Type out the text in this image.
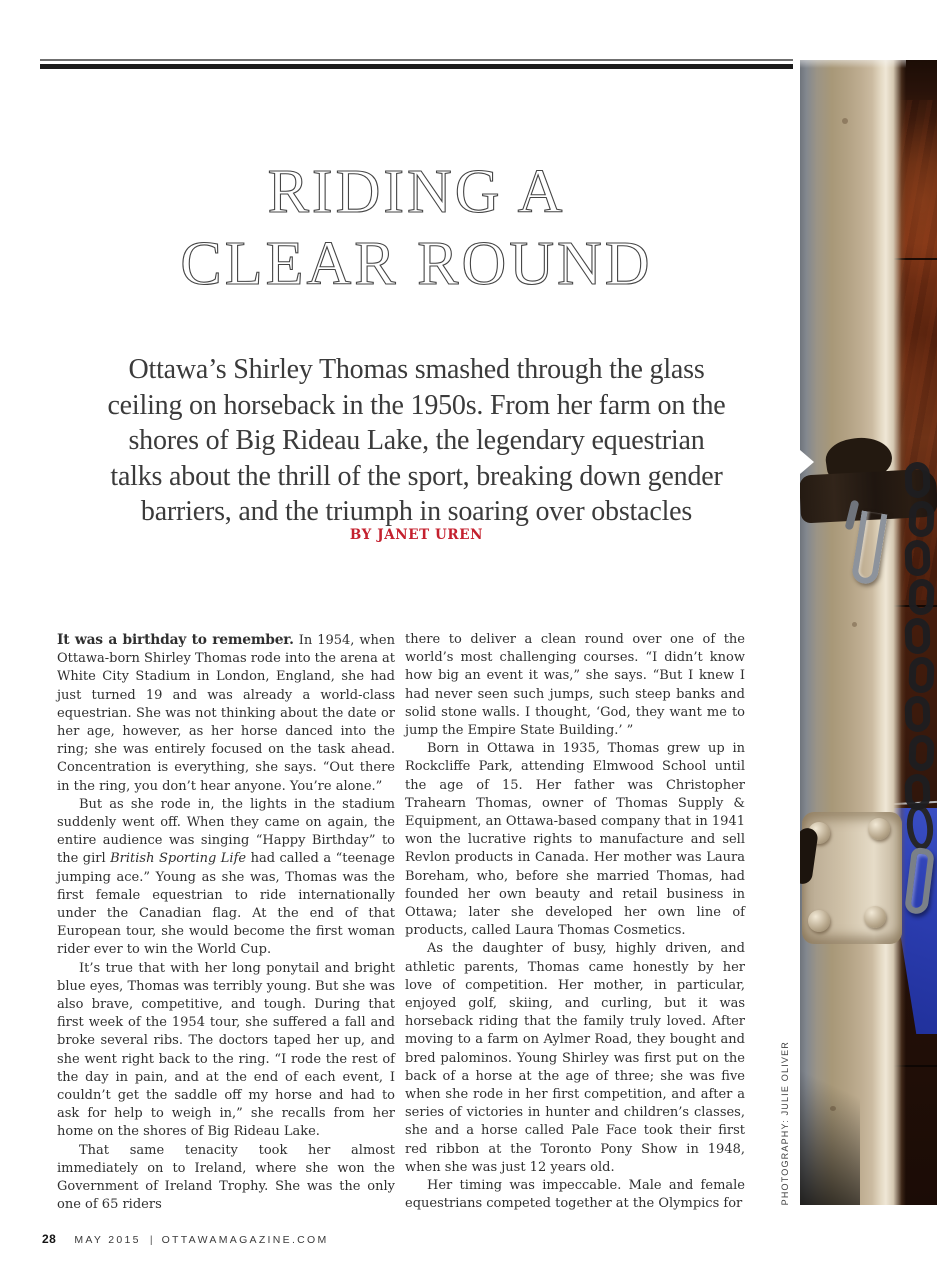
RIDING A
CLEAR ROUND
Ottawa’s Shirley Thomas smashed through the glass
ceiling on horseback in the 1950s. From her farm on the
shores of Big Rideau Lake, the legendary equestrian
talks about the thrill of the sport, breaking down gender
barriers, and the triumph in soaring over obstacles
BY JANET UREN

It was a birthday to remember. In 1954, when Ottawa-born Shirley Thomas rode into the arena at White City Stadium in London, England, she had just turned 19 and was already a world-class equestrian. She was not thinking about the date or her age, however, as her horse danced into the ring; she was entirely focused on the task ahead. Concentration is everything, she says. “Out there in the ring, you don’t hear anyone. You’re alone.”

But as she rode in, the lights in the stadium suddenly went off. When they came on again, the entire audience was singing “Happy Birthday” to the girl British Sporting Life had called a “teenage jumping ace.” Young as she was, Thomas was the first female equestrian to ride internationally under the Canadian flag. At the end of that European tour, she would become the first woman rider ever to win the World Cup.

It’s true that with her long ponytail and bright blue eyes, Thomas was terribly young. But she was also brave, competitive, and tough. During that first week of the 1954 tour, she suffered a fall and broke several ribs. The doctors taped her up, and she went right back to the ring. “I rode the rest of the day in pain, and at the end of each event, I couldn’t get the saddle off my horse and had to ask for help to weigh in,” she recalls from her home on the shores of Big Rideau Lake.

That same tenacity took her almost immediately on to Ireland, where she won the Government of Ireland Trophy. She was the only one of 65 riders

there to deliver a clean round over one of the world’s most challenging courses. “I didn’t know how big an event it was,” she says. “But I knew I had never seen such jumps, such steep banks and solid stone walls. I thought, ‘God, they want me to jump the Empire State Building.’ ”

Born in Ottawa in 1935, Thomas grew up in Rockcliffe Park, attending Elmwood School until the age of 15. Her father was Christopher Trahearn Thomas, owner of Thomas Supply & Equipment, an Ottawa-based company that in 1941 won the lucrative rights to manufacture and sell Revlon products in Canada. Her mother was Laura Boreham, who, before she married Thomas, had founded her own beauty and retail business in Ottawa; later she developed her own line of products, called Laura Thomas Cosmetics.

As the daughter of busy, highly driven, and athletic parents, Thomas came honestly by her love of competition. Her mother, in particular, enjoyed golf, skiing, and curling, but it was horseback riding that the family truly loved. After moving to a farm on Aylmer Road, they bought and bred palominos. Young Shirley was first put on the back of a horse at the age of three; she was five when she rode in her first competition, and after a series of victories in hunter and children’s classes, she and a horse called Pale Face took their first red ribbon at the Toronto Pony Show in 1948, when she was just 12 years old.

Her timing was impeccable. Male and female equestrians competed together at the Olympics for

28 MAY 2015 | OTTAWAMAGAZINE.COM
PHOTOGRAPHY: JULIE OLIVER
